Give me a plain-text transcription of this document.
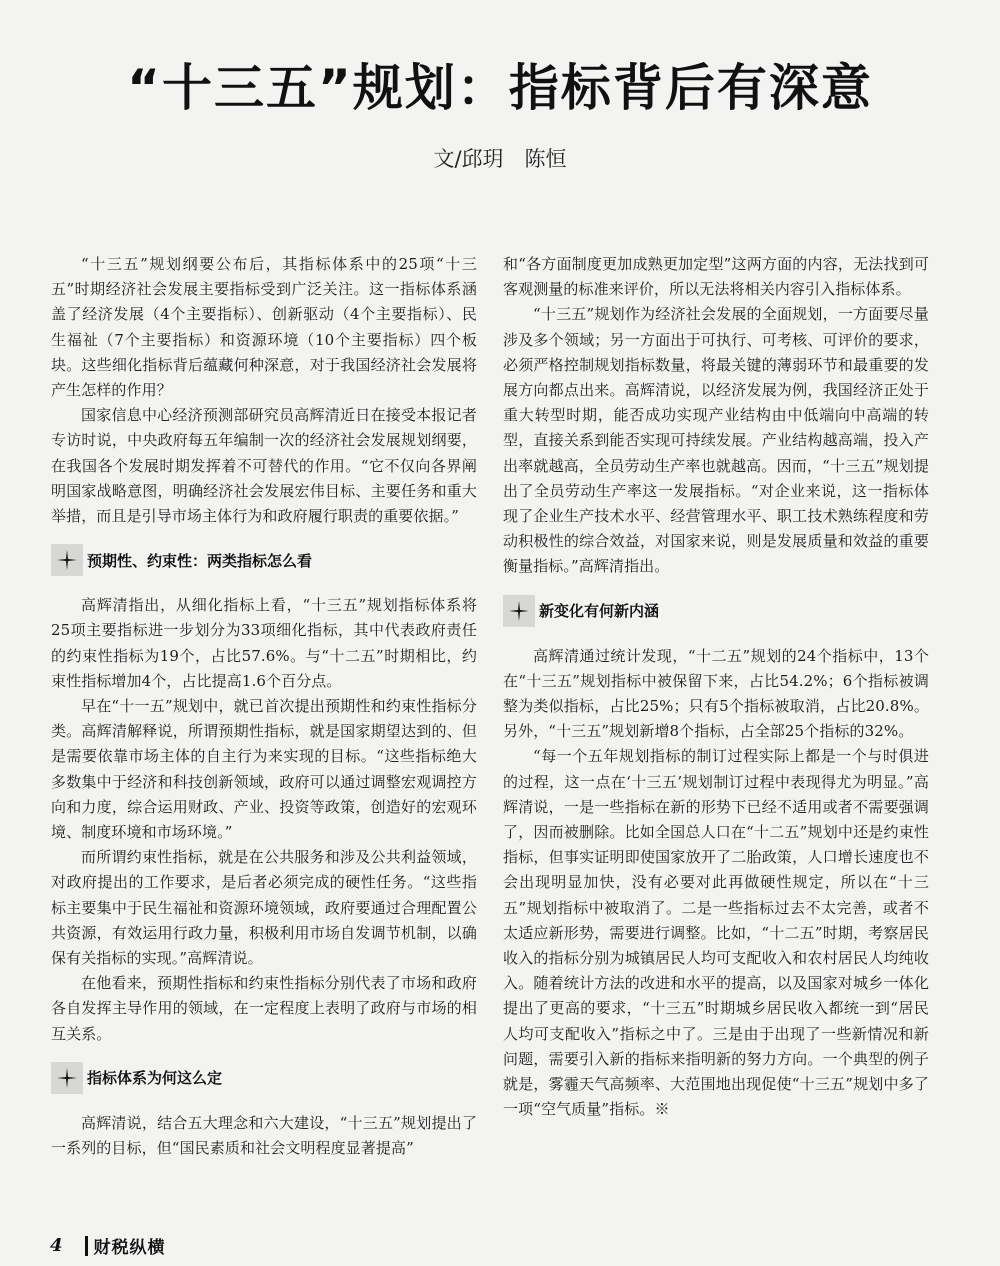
“十三五”规划：指标背后有深意

文/邱玥　陈恒

“十三五”规划纲要公布后，其指标体系中的25项“十三五”时期经济社会发展主要指标受到广泛关注。这一指标体系涵盖了经济发展（4个主要指标）、创新驱动（4个主要指标）、民生福祉（7个主要指标）和资源环境（10个主要指标）四个板块。这些细化指标背后蕴藏何种深意，对于我国经济社会发展将产生怎样的作用？

国家信息中心经济预测部研究员高辉清近日在接受本报记者专访时说，中央政府每五年编制一次的经济社会发展规划纲要，在我国各个发展时期发挥着不可替代的作用。“它不仅向各界阐明国家战略意图，明确经济社会发展宏伟目标、主要任务和重大举措，而且是引导市场主体行为和政府履行职责的重要依据。”

预期性、约束性：两类指标怎么看

高辉清指出，从细化指标上看，“十三五”规划指标体系将25项主要指标进一步划分为33项细化指标，其中代表政府责任的约束性指标为19个，占比57.6%。与“十二五”时期相比，约束性指标增加4个，占比提高1.6个百分点。

早在“十一五”规划中，就已首次提出预期性和约束性指标分类。高辉清解释说，所谓预期性指标，就是国家期望达到的、但是需要依靠市场主体的自主行为来实现的目标。“这些指标绝大多数集中于经济和科技创新领域，政府可以通过调整宏观调控方向和力度，综合运用财政、产业、投资等政策，创造好的宏观环境、制度环境和市场环境。”

而所谓约束性指标，就是在公共服务和涉及公共利益领域，对政府提出的工作要求，是后者必须完成的硬性任务。“这些指标主要集中于民生福祉和资源环境领域，政府要通过合理配置公共资源，有效运用行政力量，积极利用市场自发调节机制，以确保有关指标的实现。”高辉清说。

在他看来，预期性指标和约束性指标分别代表了市场和政府各自发挥主导作用的领域，在一定程度上表明了政府与市场的相互关系。

指标体系为何这么定

高辉清说，结合五大理念和六大建设，“十三五”规划提出了一系列的目标，但“国民素质和社会文明程度显著提高”

和“各方面制度更加成熟更加定型”这两方面的内容，无法找到可客观测量的标准来评价，所以无法将相关内容引入指标体系。

“十三五”规划作为经济社会发展的全面规划，一方面要尽量涉及多个领域；另一方面出于可执行、可考核、可评价的要求，必须严格控制规划指标数量，将最关键的薄弱环节和最重要的发展方向都点出来。高辉清说，以经济发展为例，我国经济正处于重大转型时期，能否成功实现产业结构由中低端向中高端的转型，直接关系到能否实现可持续发展。产业结构越高端，投入产出率就越高，全员劳动生产率也就越高。因而，“十三五”规划提出了全员劳动生产率这一发展指标。“对企业来说，这一指标体现了企业生产技术水平、经营管理水平、职工技术熟练程度和劳动积极性的综合效益，对国家来说，则是发展质量和效益的重要衡量指标。”高辉清指出。

新变化有何新内涵

高辉清通过统计发现，“十二五”规划的24个指标中，13个在“十三五”规划指标中被保留下来，占比54.2%；6个指标被调整为类似指标，占比25%；只有5个指标被取消，占比20.8%。另外，“十三五”规划新增8个指标，占全部25个指标的32%。

“每一个五年规划指标的制订过程实际上都是一个与时俱进的过程，这一点在‘十三五’规划制订过程中表现得尤为明显。”高辉清说，一是一些指标在新的形势下已经不适用或者不需要强调了，因而被删除。比如全国总人口在“十二五”规划中还是约束性指标，但事实证明即使国家放开了二胎政策，人口增长速度也不会出现明显加快，没有必要对此再做硬性规定，所以在“十三五”规划指标中被取消了。二是一些指标过去不太完善，或者不太适应新形势，需要进行调整。比如，“十二五”时期，考察居民收入的指标分别为城镇居民人均可支配收入和农村居民人均纯收入。随着统计方法的改进和水平的提高，以及国家对城乡一体化提出了更高的要求，“十三五”时期城乡居民收入都统一到“居民人均可支配收入”指标之中了。三是由于出现了一些新情况和新问题，需要引入新的指标来指明新的努力方向。一个典型的例子就是，雾霾天气高频率、大范围地出现促使“十三五”规划中多了一项“空气质量”指标。※

4 财税纵横
